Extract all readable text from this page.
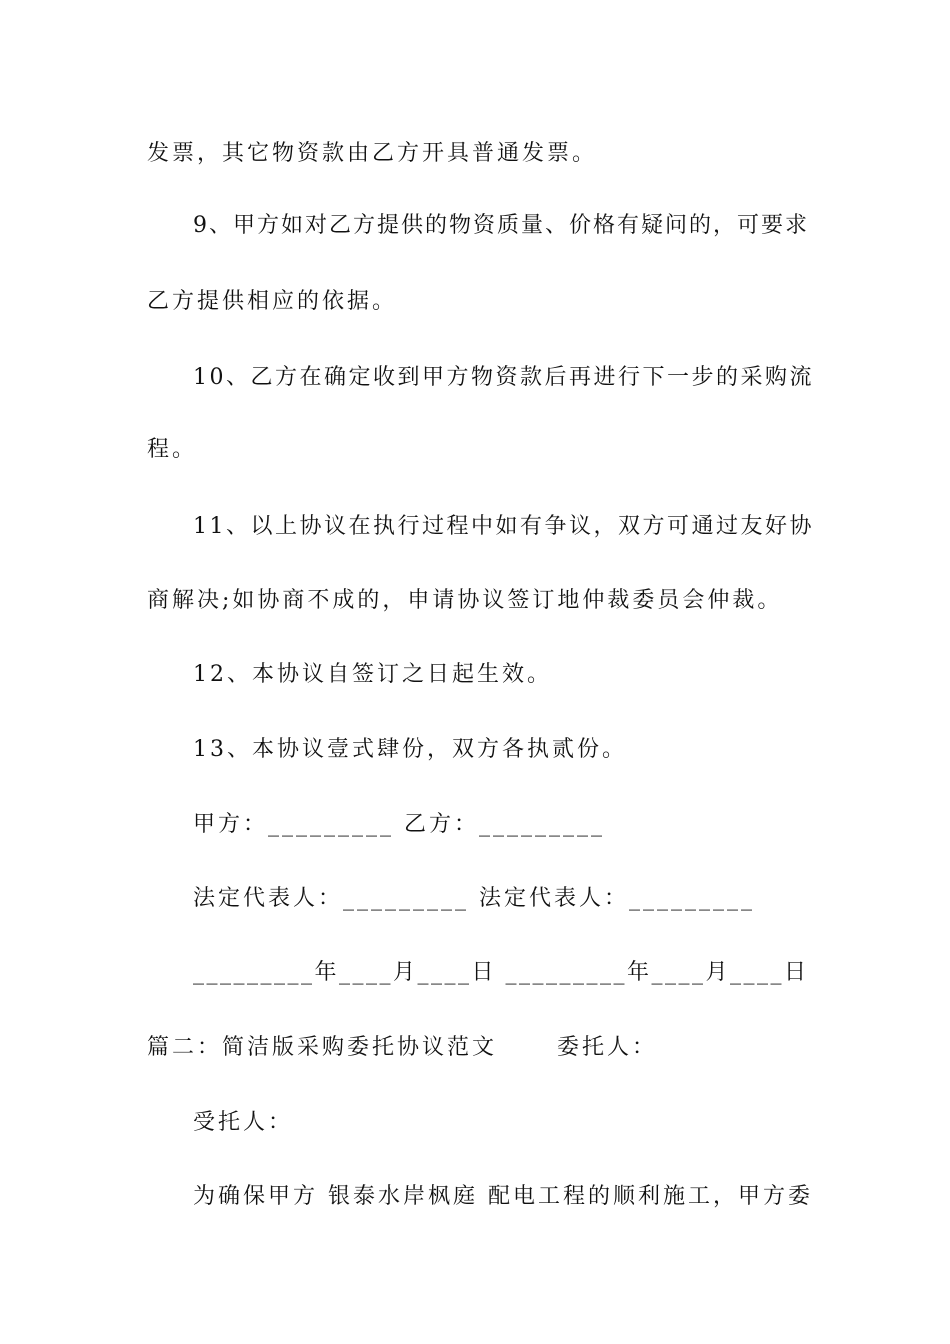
发票，其它物资款由乙方开具普通发票。
9、甲方如对乙方提供的物资质量、价格有疑问的，可要求
乙方提供相应的依据。
10、乙方在确定收到甲方物资款后再进行下一步的采购流
程。
11、以上协议在执行过程中如有争议，双方可通过友好协
商解决;如协商不成的，申请协议签订地仲裁委员会仲裁。
12、本协议自签订之日起生效。
13、本协议壹式肆份，双方各执贰份。
甲方：_________ 乙方：_________
法定代表人：_________ 法定代表人：_________
_________年____月____日 _________年____月____日
篇二：简洁版采购委托协议范文      委托人：
受托人：
为确保甲方 银泰水岸枫庭 配电工程的顺利施工，甲方委
